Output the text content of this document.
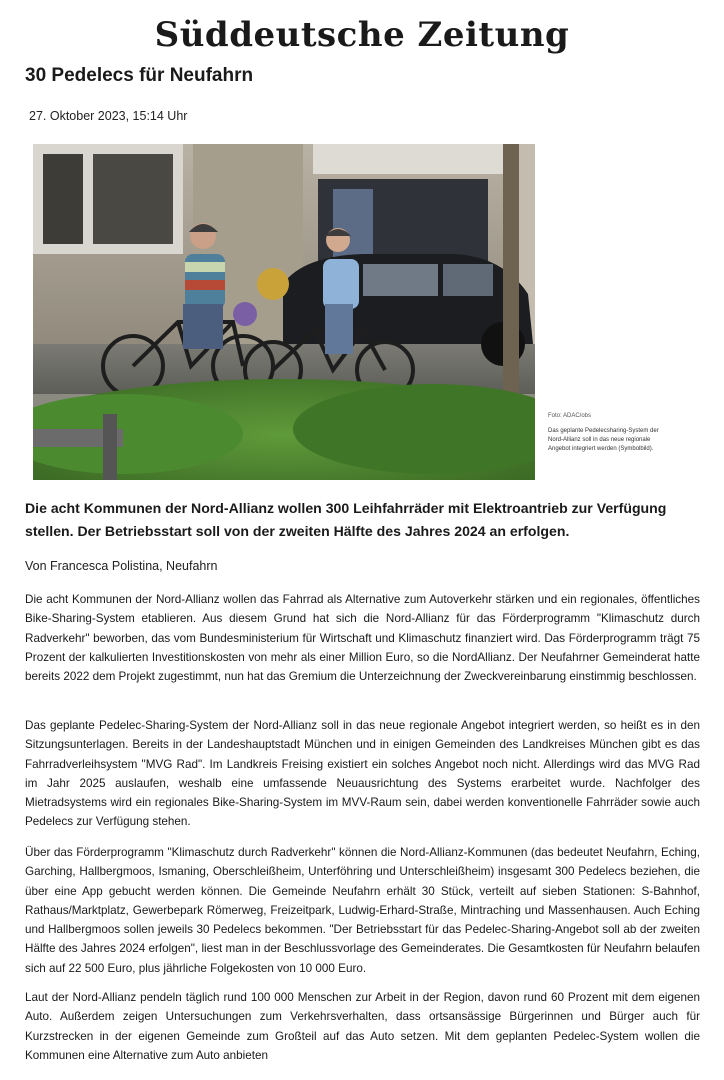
Süddeutsche Zeitung
30 Pedelecs für Neufahrn
27. Oktober 2023, 15:14 Uhr
Foto: ADAC/obs
Das geplante Pedelecsharing-System der Nord-Allianz soll in das neue regionale Angebot integriert werden (Symbolbild).

Die acht Kommunen der Nord-Allianz wollen 300 Leihfahrräder mit Elektroantrieb zur Verfügung stellen. Der Betriebsstart soll von der zweiten Hälfte des Jahres 2024 an erfolgen.

Von Francesca Polistina, Neufahrn

Die acht Kommunen der Nord-Allianz wollen das Fahrrad als Alternative zum Autoverkehr stärken und ein regionales, öffentliches Bike-Sharing-System etablieren. Aus diesem Grund hat sich die Nord-Allianz für das Förderprogramm "Klimaschutz durch Radverkehr" beworben, das vom Bundesministerium für Wirtschaft und Klimaschutz finanziert wird. Das Förderprogramm trägt 75 Prozent der kalkulierten Investitionskosten von mehr als einer Million Euro, so die NordAllianz. Der Neufahrner Gemeinderat hatte bereits 2022 dem Projekt zugestimmt, nun hat das Gremium die Unterzeichnung der Zweckvereinbarung einstimmig beschlossen.

Das geplante Pedelec-Sharing-System der Nord-Allianz soll in das neue regionale Angebot integriert werden, so heißt es in den Sitzungsunterlagen. Bereits in der Landeshauptstadt München und in einigen Gemeinden des Landkreises München gibt es das Fahrradverleihsystem "MVG Rad". Im Landkreis Freising existiert ein solches Angebot noch nicht. Allerdings wird das MVG Rad im Jahr 2025 auslaufen, weshalb eine umfassende Neuausrichtung des Systems erarbeitet wurde. Nachfolger des Mietradsystems wird ein regionales Bike-Sharing-System im MVV-Raum sein, dabei werden konventionelle Fahrräder sowie auch Pedelecs zur Verfügung stehen.

Über das Förderprogramm "Klimaschutz durch Radverkehr" können die Nord-Allianz-Kommunen (das bedeutet Neufahrn, Eching, Garching, Hallbergmoos, Ismaning, Oberschleißheim, Unterföhring und Unterschleißheim) insgesamt 300 Pedelecs beziehen, die über eine App gebucht werden können. Die Gemeinde Neufahrn erhält 30 Stück, verteilt auf sieben Stationen: S-Bahnhof, Rathaus/Marktplatz, Gewerbepark Römerweg, Freizeitpark, Ludwig-Erhard-Straße, Mintraching und Massenhausen. Auch Eching und Hallbergmoos sollen jeweils 30 Pedelecs bekommen. "Der Betriebsstart für das Pedelec-Sharing-Angebot soll ab der zweiten Hälfte des Jahres 2024 erfolgen", liest man in der Beschlussvorlage des Gemeinderates. Die Gesamtkosten für Neufahrn belaufen sich auf 22 500 Euro, plus jährliche Folgekosten von 10 000 Euro.

Laut der Nord-Allianz pendeln täglich rund 100 000 Menschen zur Arbeit in der Region, davon rund 60 Prozent mit dem eigenen Auto. Außerdem zeigen Untersuchungen zum Verkehrsverhalten, dass ortsansässige Bürgerinnen und Bürger auch für Kurzstrecken in der eigenen Gemeinde zum Großteil auf das Auto setzen. Mit dem geplanten Pedelec-System wollen die Kommunen eine Alternative zum Auto anbieten
